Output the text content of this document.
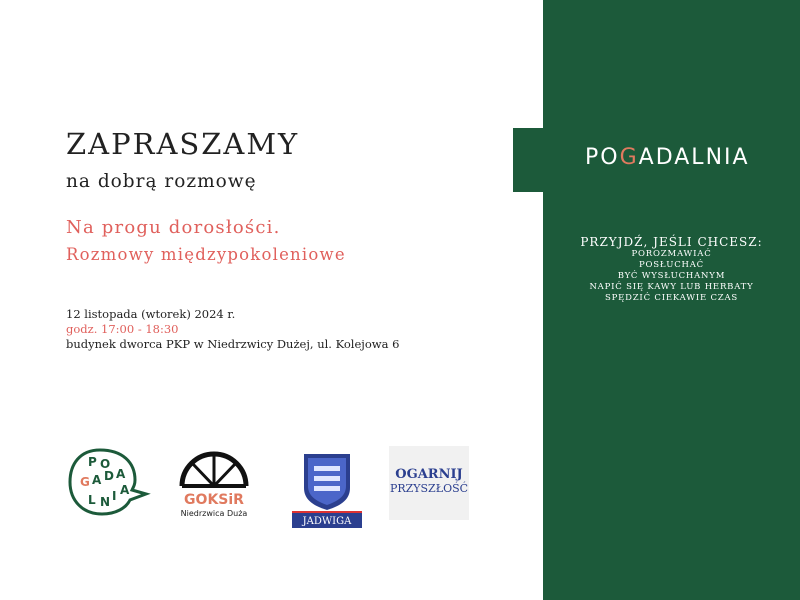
POGADALNIA
PRZYJDŹ, JEŚLI CHCESZ:
POROZMAWIAĆ
POSŁUCHAĆ
BYĆ WYSŁUCHANYM
NAPIĆ SIĘ KAWY LUB HERBATY
SPĘDZIĆ CIEKAWIE CZAS
ZAPRASZAMY

na dobrą rozmowę

Na progu dorosłości.

Rozmowy międzypokoleniowe

12 listopada (wtorek) 2024 r.
godz. 17:00 - 18:30
budynek dworca PKP w Niedrzwicy Dużej, ul. Kolejowa 6
P O
G A D A
L N I A
GOKSiR
Niedrzwica Duża
JADWIGA
OGARNIJ
PRZYSZŁOŚĆ
